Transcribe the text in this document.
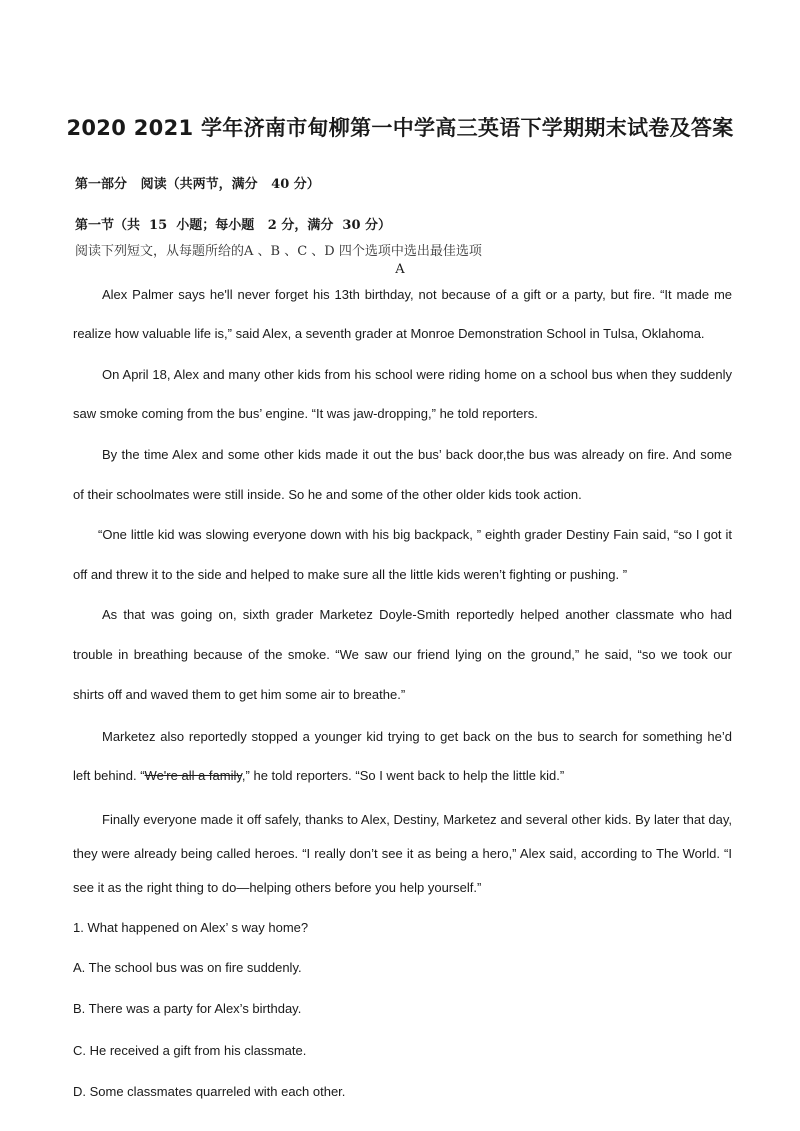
2020 2021 学年济南市甸柳第一中学高三英语下学期期末试卷及答案
第一部分   阅读（共两节，满分   40 分）
第一节（共  15  小题；每小题   2 分，满分  30 分）
阅读下列短文，从每题所给的A 、B 、C 、D 四个选项中选出最佳选项
A
Alex Palmer says he'll never forget his 13th birthday, not because of a gift or a party, but fire. “It made me
realize how valuable life is,” said Alex, a seventh grader at Monroe Demonstration School in Tulsa, Oklahoma.
On April 18, Alex and many other kids from his school were riding home on a school bus when they suddenly
saw smoke coming from the bus’ engine. “It was jaw-dropping,” he told reporters.
By the time Alex and some other kids made it out the bus’ back door,the bus was already on fire. And some
of their schoolmates were still inside. So he and some of the other older kids took action.
“One little kid was slowing everyone down with his big backpack, ” eighth grader Destiny Fain said, “so I got it
off and threw it to the side and helped to make sure all the little kids weren’t fighting or pushing. ”
As that was going on, sixth grader Marketez Doyle-Smith reportedly helped another classmate who had
trouble in breathing because of the smoke. “We saw our friend lying on the ground,” he said, “so we took our
shirts off and waved them to get him some air to breathe.”
Marketez also reportedly stopped a younger kid trying to get back on the bus to search for something he’d
left behind. “We're all a family,” he told reporters. “So I went back to help the little kid.”
Finally everyone made it off safely, thanks to Alex, Destiny, Marketez and several other kids. By later that day,
they were already being called heroes. “I really don’t see it as being a hero,” Alex said, according to The World. “I
see it as the right thing to do—helping others before you help yourself.”
1. What happened on Alex’ s way home?
A. The school bus was on fire suddenly.
B. There was a party for Alex’s birthday.
C. He received a gift from his classmate.
D. Some classmates quarreled with each other.
